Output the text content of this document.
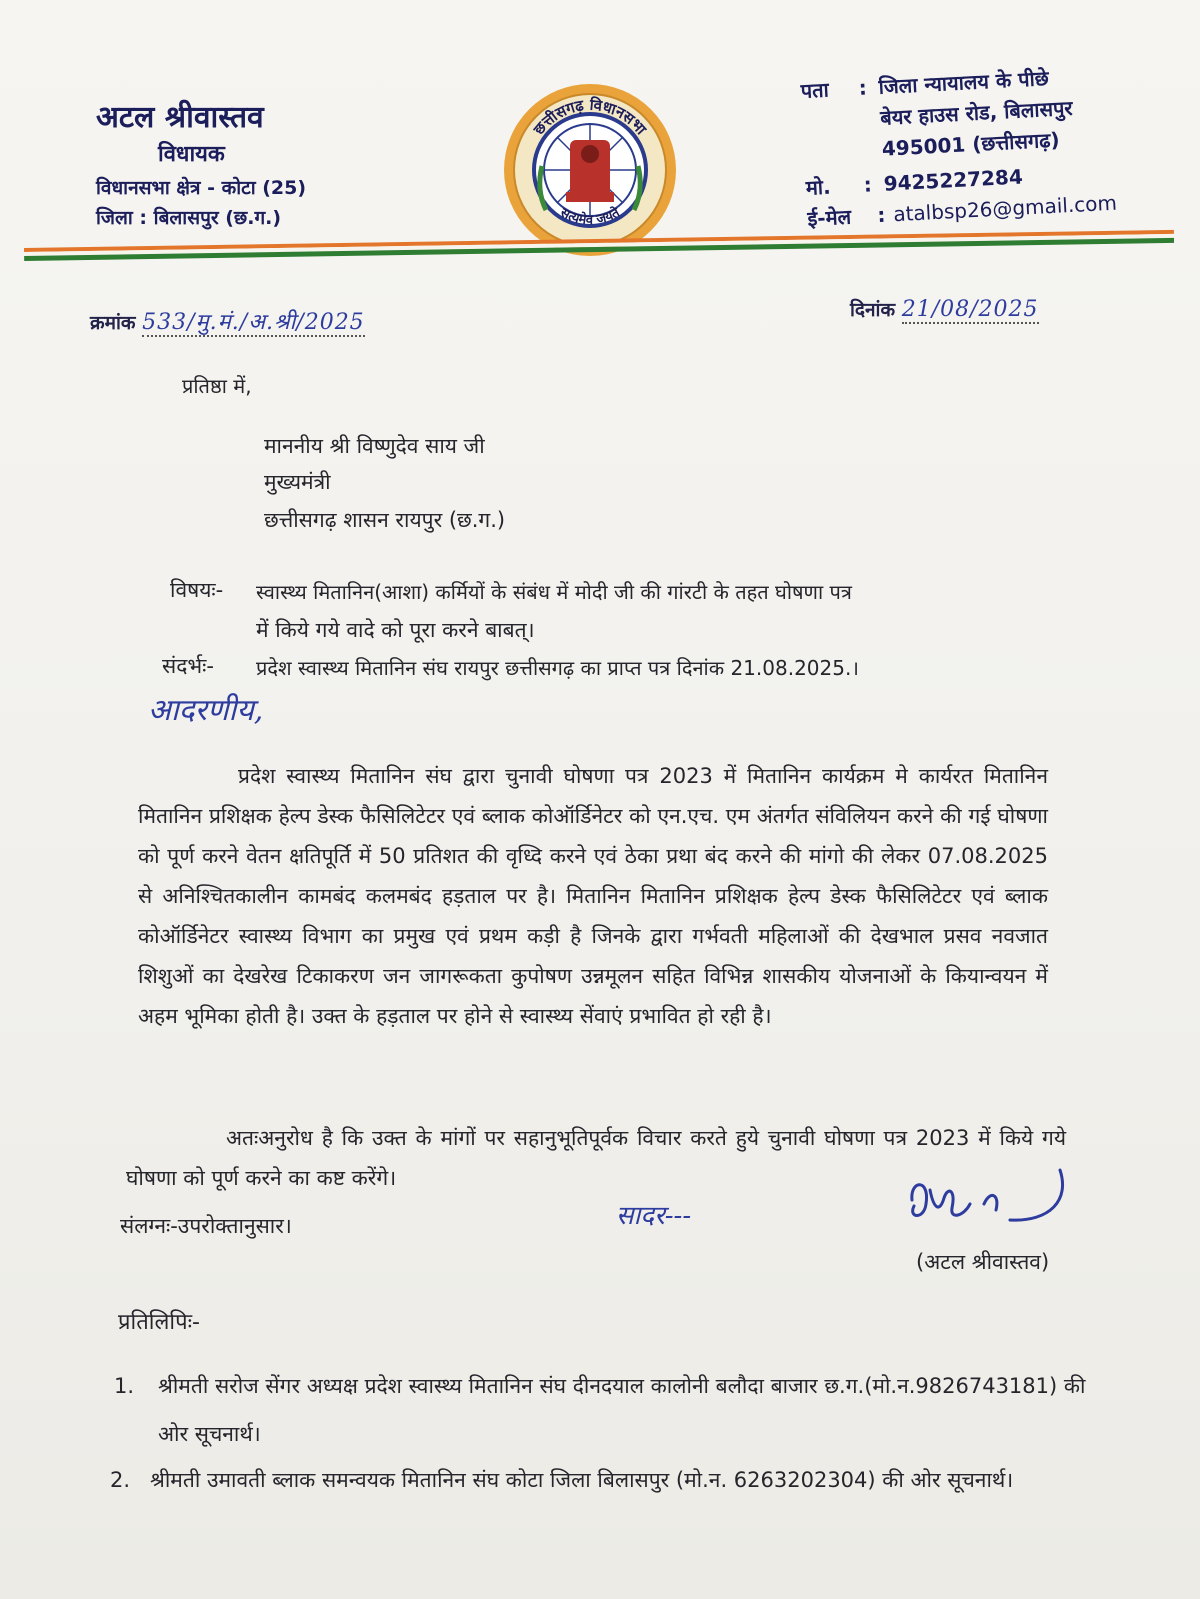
अटल श्रीवास्तव

विधायक

विधानसभा क्षेत्र - कोटा (25)

जिला : बिलासपुर (छ.ग.)

छत्तीसगढ़ विधानसभा
सत्यमेव जयते
पता	: जिला न्यायालय के पीछे
बेयर हाउस रोड, बिलासपुर
495001 (छत्तीसगढ़)
मो.	: 9425227284
ई-मेल	: atalbsp26@gmail.com
क्रमांक 533/मु.मं./अ.श्री/2025	दिनांक 21/08/2025
प्रतिष्ठा में,
माननीय श्री विष्णुदेव साय जी
मुख्यमंत्री
छत्तीसगढ़ शासन रायपुर (छ.ग.)
विषयः- स्वास्थ्य मितानिन(आशा) कर्मियों के संबंध में मोदी जी की गांरटी के तहत घोषणा पत्र
में किये गये वादे को पूरा करने बाबत्।
संदर्भः- प्रदेश स्वास्थ्य मितानिन संघ रायपुर छत्तीसगढ़ का प्राप्त पत्र दिनांक 21.08.2025.।
आदरणीय,
प्रदेश स्वास्थ्य मितानिन संघ द्वारा चुनावी घोषणा पत्र 2023 में मितानिन कार्यक्रम मे कार्यरत मितानिन मितानिन प्रशिक्षक हेल्प डेस्क फैसिलिटेटर एवं ब्लाक कोऑर्डिनेटर को एन.एच. एम अंतर्गत संविलियन करने की गई घोषणा को पूर्ण करने वेतन क्षतिपूर्ति में 50 प्रतिशत की वृध्दि करने एवं ठेका प्रथा बंद करने की मांगो की लेकर 07.08.2025 से अनिश्चितकालीन कामबंद कलमबंद हड़ताल पर है। मितानिन मितानिन प्रशिक्षक हेल्प डेस्क फैसिलिटेटर एवं ब्लाक कोऑर्डिनेटर स्वास्थ्य विभाग का प्रमुख एवं प्रथम कड़ी है जिनके द्वारा गर्भवती महिलाओं की देखभाल प्रसव नवजात शिशुओं का देखरेख टिकाकरण जन जागरूकता कुपोषण उन्नमूलन सहित विभिन्न शासकीय योजनाओं के कियान्वयन में अहम भूमिका होती है। उक्त के हड़ताल पर होने से स्वास्थ्य सेंवाएं प्रभावित हो रही है।
अतःअनुरोध है कि उक्त के मांगों पर सहानुभूतिपूर्वक विचार करते हुये चुनावी घोषणा पत्र 2023 में किये गये घोषणा को पूर्ण करने का कष्ट करेंगे।
संलग्नः-उपरोक्तानुसार।	सादर---
(अटल श्रीवास्तव)
प्रतिलिपिः-
1. श्रीमती सरोज सेंगर अध्यक्ष प्रदेश स्वास्थ्य मितानिन संघ दीनदयाल कालोनी बलौदा बाजार छ.ग.(मो.न.9826743181) की ओर सूचनार्थ।
2. श्रीमती उमावती ब्लाक समन्वयक मितानिन संघ कोटा जिला बिलासपुर (मो.न. 6263202304) की ओर सूचनार्थ।
